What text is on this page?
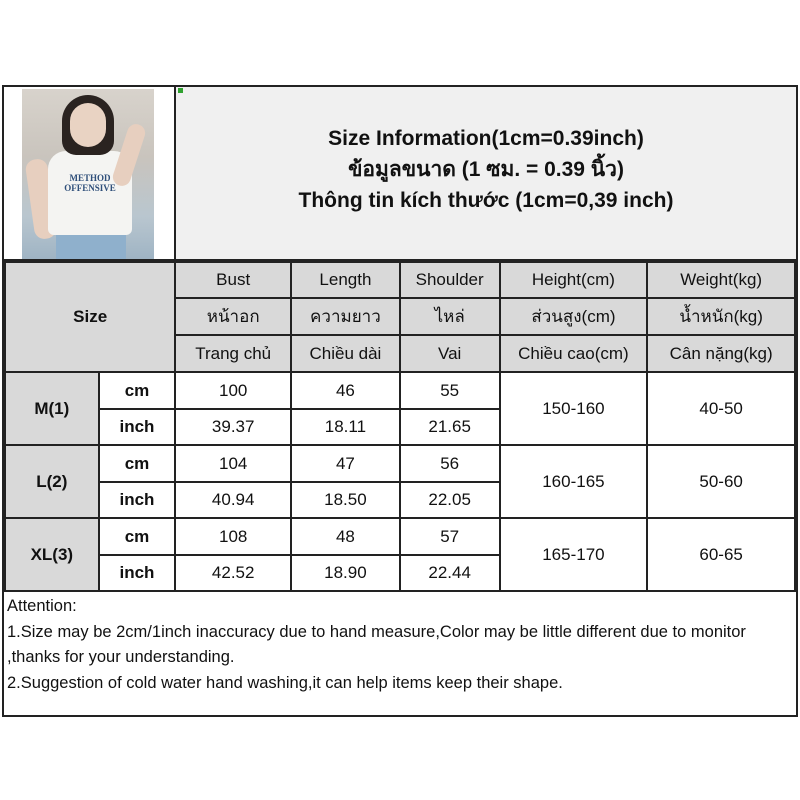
METHOD OFFENSIVE
Size Information(1cm=0.39inch)
ข้อมูลขนาด (1 ซม. = 0.39 นิ้ว)
Thông tin kích thước (1cm=0,39 inch)
Size		Bust	Length	Shoulder	Height(cm)	Weight(kg)
		หน้าอก	ความยาว	ไหล่	ส่วนสูง(cm)	น้ำหนัก(kg)
		Trang chủ	Chiều dài	Vai	Chiều cao(cm)	Cân nặng(kg)
M(1)	cm	100	46	55	150-160	40-50
	inch	39.37	18.11	21.65		
L(2)	cm	104	47	56	160-165	50-60
	inch	40.94	18.50	22.05		
XL(3)	cm	108	48	57	165-170	60-65
	inch	42.52	18.90	22.44		
Attention:
1.Size may be 2cm/1inch inaccuracy due to hand measure,Color may be little different due to monitor ,thanks for your understanding.
2.Suggestion of cold water hand washing,it can help items keep their shape.
